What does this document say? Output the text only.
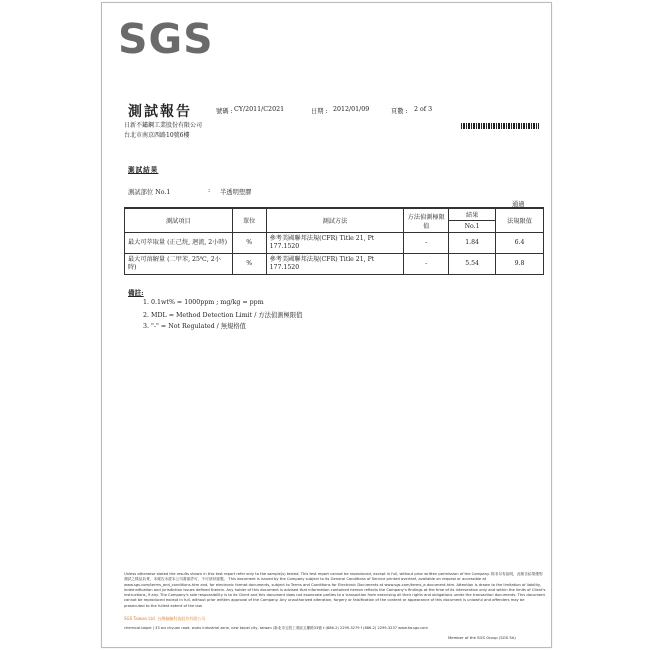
SGS
測試報告	號碼 : CY/2011/C2021	日期 : 2012/01/09	頁數 : 2 of 3
日新不鏽鋼工業股份有限公司
台北市南京西路10號6樓
測試結果
測試部位 No.1	: 半透明塑膠
通過
測試項目	單位	測試方法	方法偵測極限值	結果	法規限值
				No.1	
最大可萃取量 (正己烷, 迴流, 2小時)	%	參考美國聯邦法規(CFR) Title 21, Pt 177.1520	-	1.84	6.4
最大可溶解量 (二甲苯, 25℃, 2小時)	%	參考美國聯邦法規(CFR) Title 21, Pt 177.1520	-	5.54	9.8
備註:
1. 0.1wt% = 1000ppm ; mg/kg = ppm
2. MDL = Method Detection Limit / 方法偵測極限值
3. "-" = Not Regulated / 無規格值
Unless otherwise stated the results shown in this test report refer only to the sample(s) tested. This test report cannot be reproduced, except in full, without prior written permission of the Company. 除非另有說明，此報告結果僅對測試之樣品負責，本報告未經本公司書面許可，不可部份複製。 This document is issued by the Company subject to its General Conditions of Service printed overleaf, available on request or accessible at www.sgs.com/terms_and_conditions.htm and, for electronic format documents, subject to Terms and Conditions for Electronic Documents at www.sgs.com/terms_e-document.htm. Attention is drawn to the limitation of liability, indemnification and jurisdiction issues defined therein. Any holder of this document is advised that information contained hereon reflects the Company's findings at the time of its intervention only and within the limits of Client's instructions, if any. The Company's sole responsibility is to its Client and this document does not exonerate parties to a transaction from exercising all their rights and obligations under the transaction documents. This document cannot be reproduced except in full, without prior written approval of the Company. Any unauthorized alteration, forgery or falsification of the content or appearance of this document is unlawful and offenders may be prosecuted to the fullest extent of the law.
SGS Taiwan Ltd. 台灣檢驗科技股份有限公司
chemical-taipei | 33 wu chyuan road, wuku industrial zone, new taipei city, taiwan /新北市五股工業區五權路33號 t (886-2) 2299-3279 f (886-2) 2299-3237 www.tw.sgs.com
Member of the SGS Group (SGS SA)
